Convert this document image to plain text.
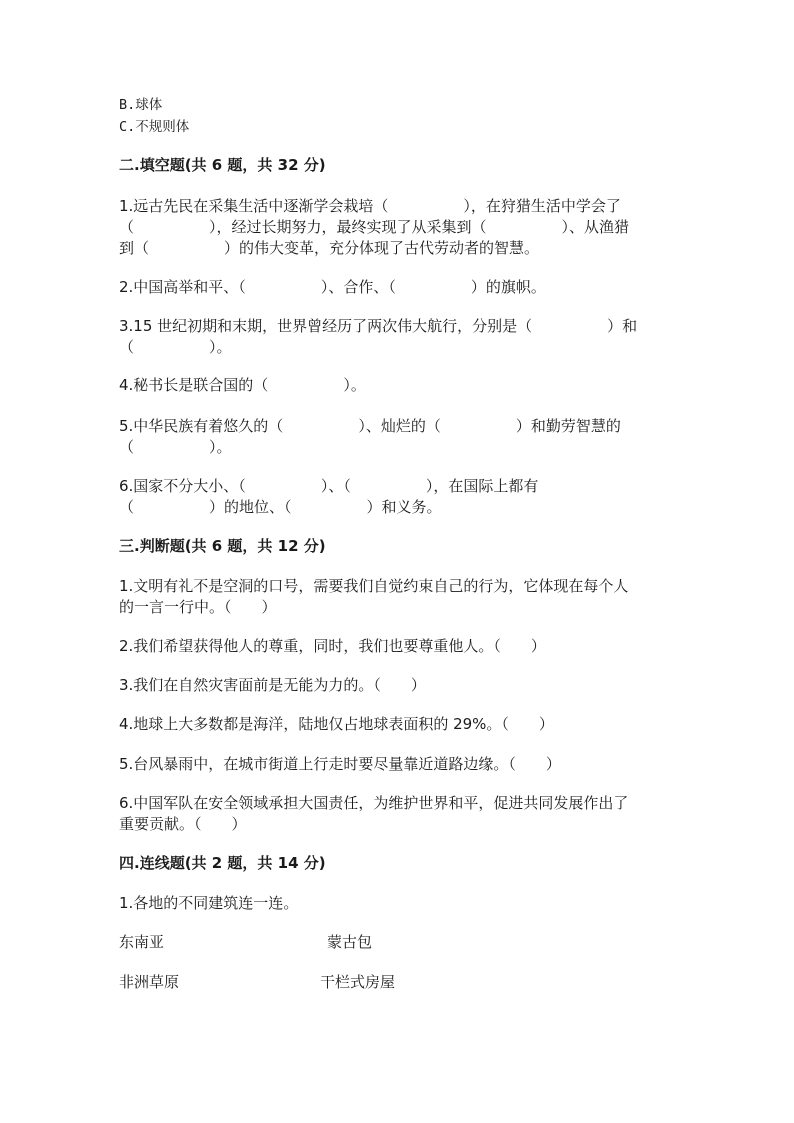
B.球体
C.不规则体
二.填空题(共 6 题，共 32 分)
1.远古先民在采集生活中逐渐学会栽培（　　　　　），在狩猎生活中学会了
（　　　　　），经过长期努力，最终实现了从采集到（　　　　　）、从渔猎
到（　　　　　）的伟大变革，充分体现了古代劳动者的智慧。
2.中国高举和平、（　　　　　）、合作、（　　　　　）的旗帜。
3.15 世纪初期和末期，世界曾经历了两次伟大航行，分别是（　　　　　）和
（　　　　　）。
4.秘书长是联合国的（　　　　　）。
5.中华民族有着悠久的（　　　　　）、灿烂的（　　　　　）和勤劳智慧的
（　　　　　）。
6.国家不分大小、（　　　　　）、（　　　　　），在国际上都有
（　　　　　）的地位、（　　　　　）和义务。
三.判断题(共 6 题，共 12 分)
1.文明有礼不是空洞的口号，需要我们自觉约束自己的行为，它体现在每个人
的一言一行中。（　　）
2.我们希望获得他人的尊重，同时，我们也要尊重他人。（　　）
3.我们在自然灾害面前是无能为力的。（　　）
4.地球上大多数都是海洋，陆地仅占地球表面积的 29%。（　　）
5.台风暴雨中，在城市街道上行走时要尽量靠近道路边缘。（　　）
6.中国军队在安全领域承担大国责任，为维护世界和平，促进共同发展作出了
重要贡献。（　　）
四.连线题(共 2 题，共 14 分)
1.各地的不同建筑连一连。
东南亚	蒙古包
非洲草原	干栏式房屋
